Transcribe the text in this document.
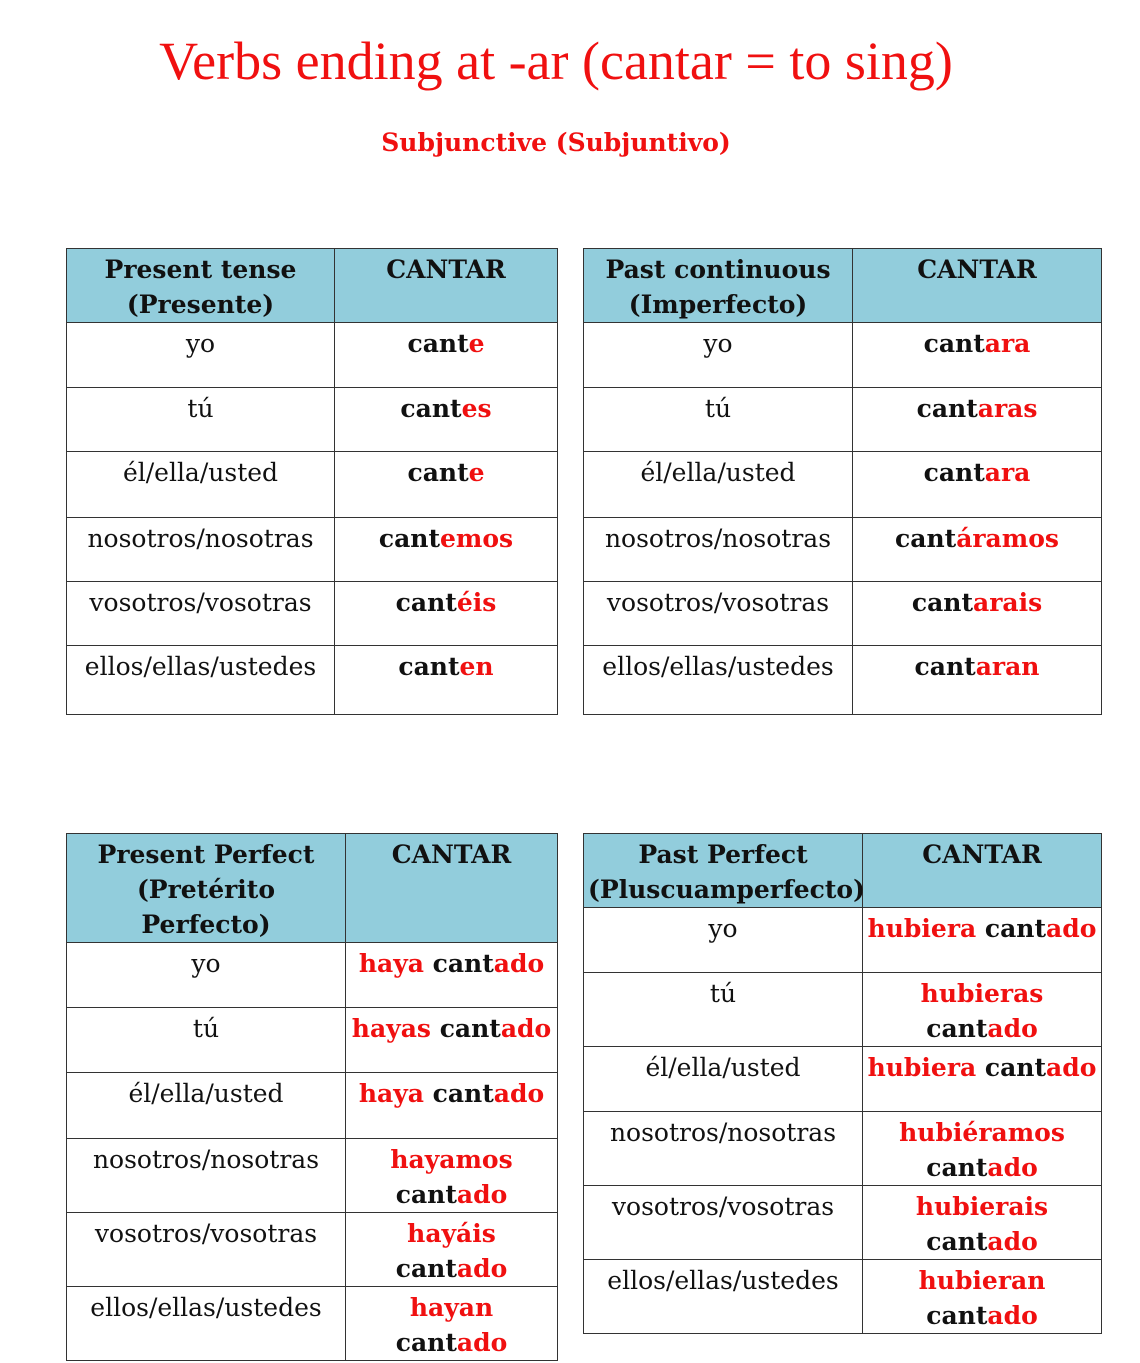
Verbs ending at -ar (cantar = to sing)
Subjunctive (Subjuntivo)
Present tense (Presente)	CANTAR
yo	cante
tú	cantes
él/ella/usted	cante
nosotros/nosotras	cantemos
vosotros/vosotras	cantéis
ellos/ellas/ustedes	canten
Past continuous (Imperfecto)	CANTAR
yo	cantara
tú	cantaras
él/ella/usted	cantara
nosotros/nosotras	cantáramos
vosotros/vosotras	cantarais
ellos/ellas/ustedes	cantaran
Present Perfect (Pretérito Perfecto)	CANTAR
yo	haya cantado
tú	hayas cantado
él/ella/usted	haya cantado
nosotros/nosotras	hayamos cantado
vosotros/vosotras	hayáis cantado
ellos/ellas/ustedes	hayan cantado
Past Perfect (Pluscuamperfecto)	CANTAR
yo	hubiera cantado
tú	hubieras cantado
él/ella/usted	hubiera cantado
nosotros/nosotras	hubiéramos cantado
vosotros/vosotras	hubierais cantado
ellos/ellas/ustedes	hubieran cantado
